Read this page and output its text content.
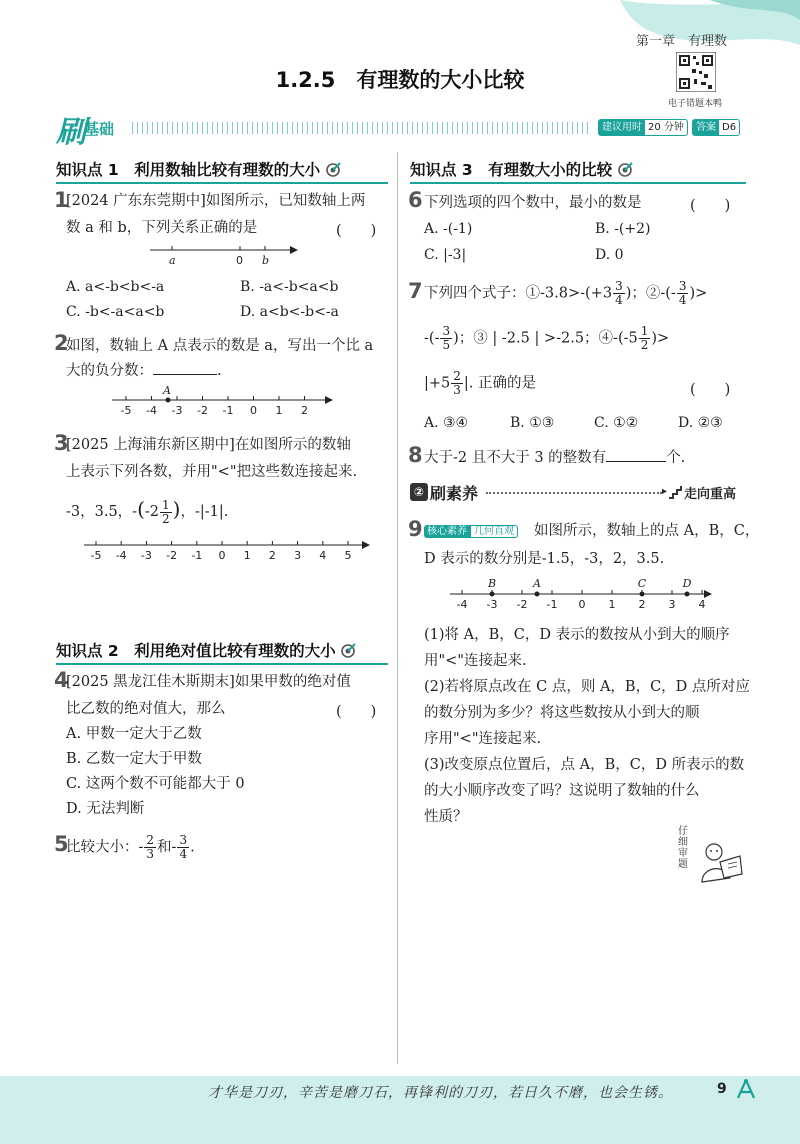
第一章　有理数
电子错题本鸭
1.2.5　有理数的大小比较
刷
基础	建议用时 20 分钟	答案 D6
知识点 1　利用数轴比较有理数的大小
1
[2024 广东东莞期中]如图所示，已知数轴上两
数 a 和 b，下列关系正确的是	(　　)
a	0 b
A. a<-b<b<-a	B. -a<-b<a<b
C. -b<-a<a<b	D. a<b<-b<-a
2
如图，数轴上 A 点表示的数是 a，写出一个比 a
大的负分数：	.
-5 -4 -3 -2 -1 0 1 2
A
3
[2025 上海浦东新区期中]在如图所示的数轴
上表示下列各数，并用"<"把这些数连接起来.
-3，3.5，$-(-2 \frac{1}{2}$ )，-|-1|.
-5 -4 -3 -2 -1 0 1 2 3 4 5
知识点 2　利用绝对值比较有理数的大小
4
[2025 黑龙江佳木斯期末]如果甲数的绝对值
比乙数的绝对值大，那么	(　　)
A. 甲数一定大于乙数
B. 乙数一定大于甲数
C. 这两个数不可能都大于 0
D. 无法判断
5
比较大小：- $\frac{2}{3}$ 和- $\frac{3}{4}$ .
知识点 3　有理数大小的比较
6 下列选项的四个数中，最小的数是	(　　)
A. -(-1)	B. -(+2)
C. |-3|	D. 0
7 下列四个式子：①-3.8>-(+3 $\frac{3}{4}$ )；②-(- $\frac{3}{4}$ )>
-(- $\frac{3}{5}$ )；③ | -2.5 | >-2.5；④-(-5 $\frac{1}{2}$ )>
$|+5 \frac{2}{3}$ |. 正确的是	(　　)
A. ③④	B. ①③	C. ①②	D. ②③
8 大于-2 且不大于 3 的整数有	个.
② 刷素养	▸ 走向重高
9 核心素养 几何直观 如图所示，数轴上的点 A，B，C，
D 表示的数分别是-1.5，-3，2，3.5.
-4 -3 -2 -1 0 1 2 3 4
B	A	C	D
(1)将 A，B，C，D 表示的数按从小到大的顺序
用"<"连接起来.
(2)若将原点改在 C 点，则 A，B，C，D 点所对应
的数分别为多少？将这些数按从小到大的顺
序用"<"连接起来.
(3)改变原点位置后，点 A，B，C，D 所表示的数
的大小顺序改变了吗？这说明了数轴的什么
性质？
仔细审题
才华是刀刃，辛苦是磨刀石，再锋利的刀刃，若日久不磨，也会生锈。	9
